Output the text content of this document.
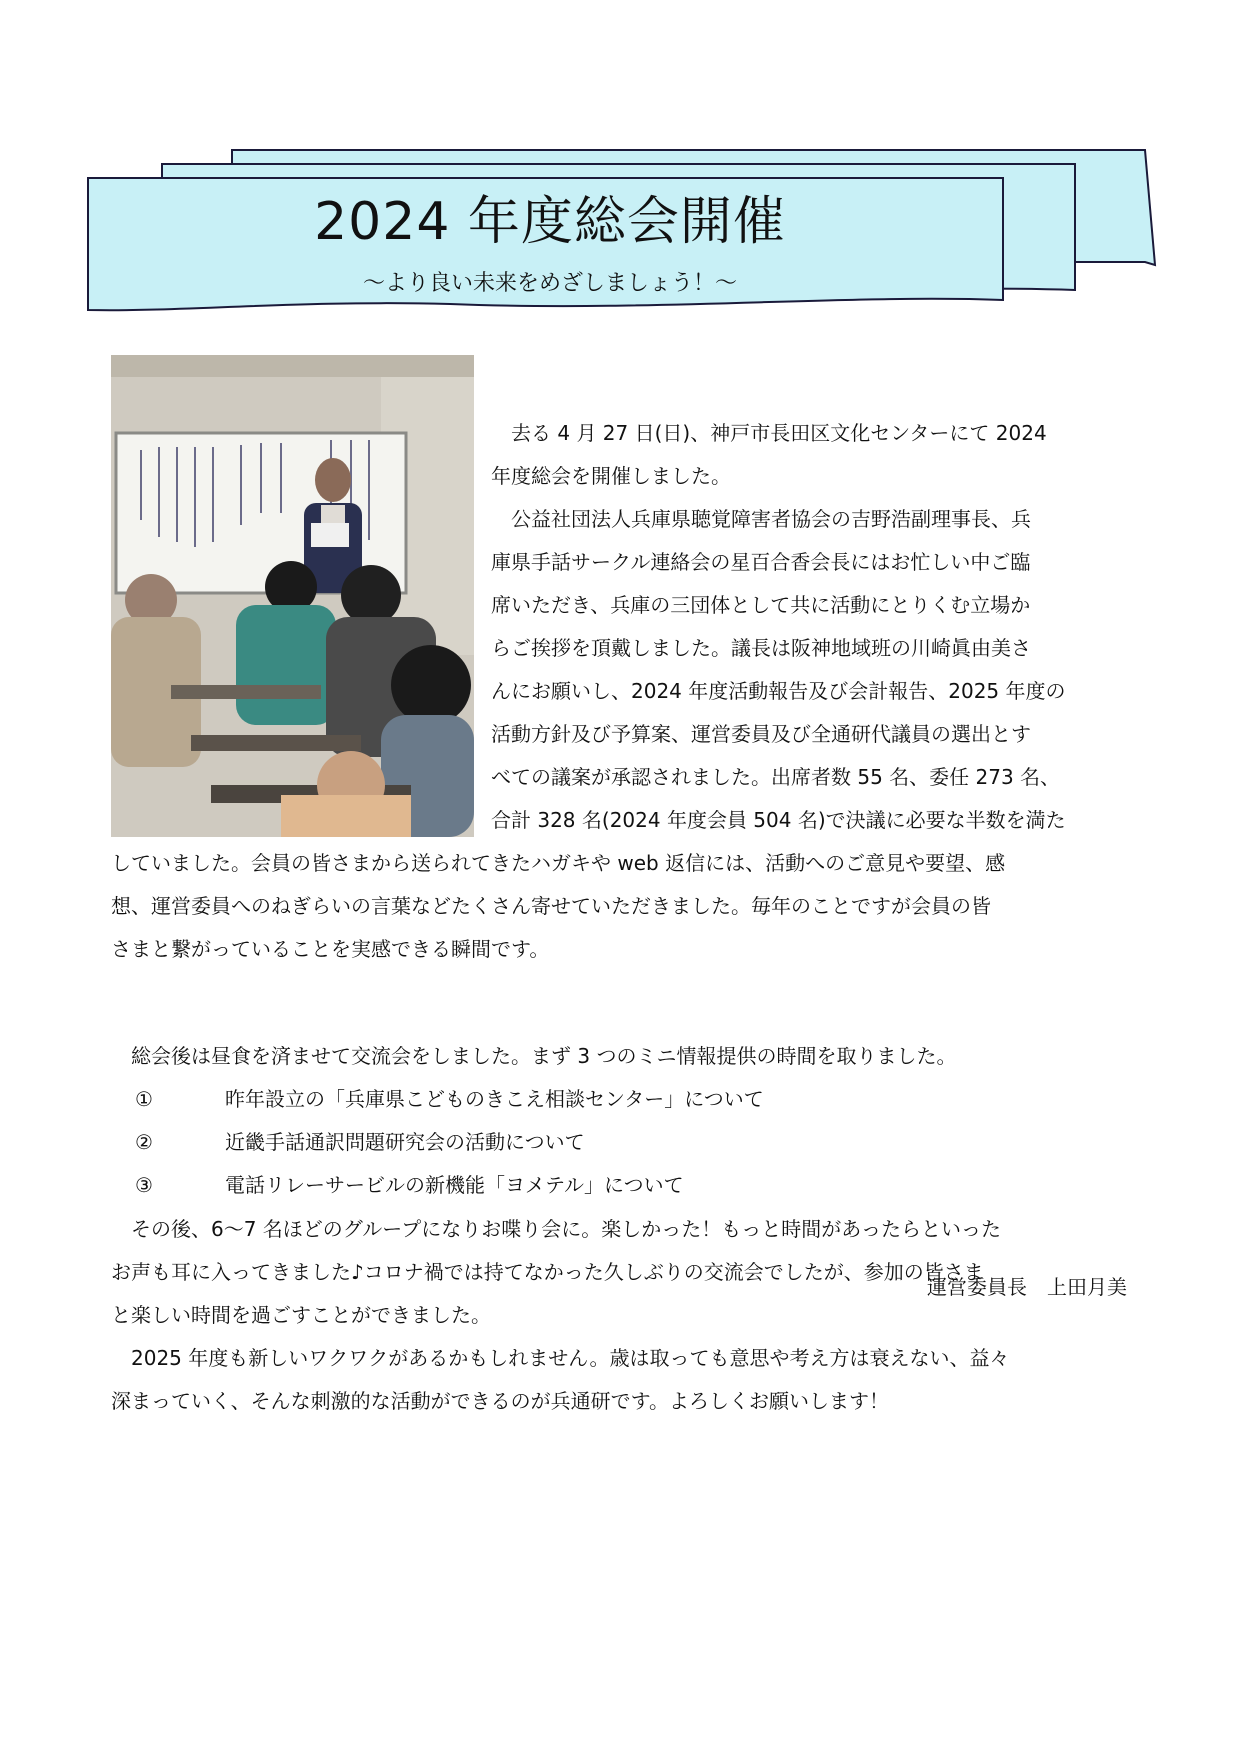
2024 年度総会開催
～より良い未来をめざしましょう！～
　去る 4 月 27 日(日)、神戸市長田区文化センターにて 2024
年度総会を開催しました。
　公益社団法人兵庫県聴覚障害者協会の吉野浩副理事長、兵
庫県手話サークル連絡会の星百合香会長にはお忙しい中ご臨
席いただき、兵庫の三団体として共に活動にとりくむ立場か
らご挨拶を頂戴しました。議長は阪神地域班の川崎眞由美さ
んにお願いし、2024 年度活動報告及び会計報告、2025 年度の
活動方針及び予算案、運営委員及び全通研代議員の選出とす
べての議案が承認されました。出席者数 55 名、委任 273 名、
合計 328 名(2024 年度会員 504 名)で決議に必要な半数を満た
していました。会員の皆さまから送られてきたハガキや web 返信には、活動へのご意見や要望、感
想、運営委員へのねぎらいの言葉などたくさん寄せていただきました。毎年のことですが会員の皆
さまと繋がっていることを実感できる瞬間です。
　総会後は昼食を済ませて交流会をしました。まず 3 つのミニ情報提供の時間を取りました。
①	昨年設立の「兵庫県こどものきこえ相談センター」について
②	近畿手話通訳問題研究会の活動について
③	電話リレーサービルの新機能「ヨメテル」について
　その後、6～7 名ほどのグループになりお喋り会に。楽しかった！もっと時間があったらといった
お声も耳に入ってきました♪コロナ禍では持てなかった久しぶりの交流会でしたが、参加の皆さま
と楽しい時間を過ごすことができました。
　2025 年度も新しいワクワクがあるかもしれません。歳は取っても意思や考え方は衰えない、益々
深まっていく、そんな刺激的な活動ができるのが兵通研です。よろしくお願いします！
運営委員長　上田月美
